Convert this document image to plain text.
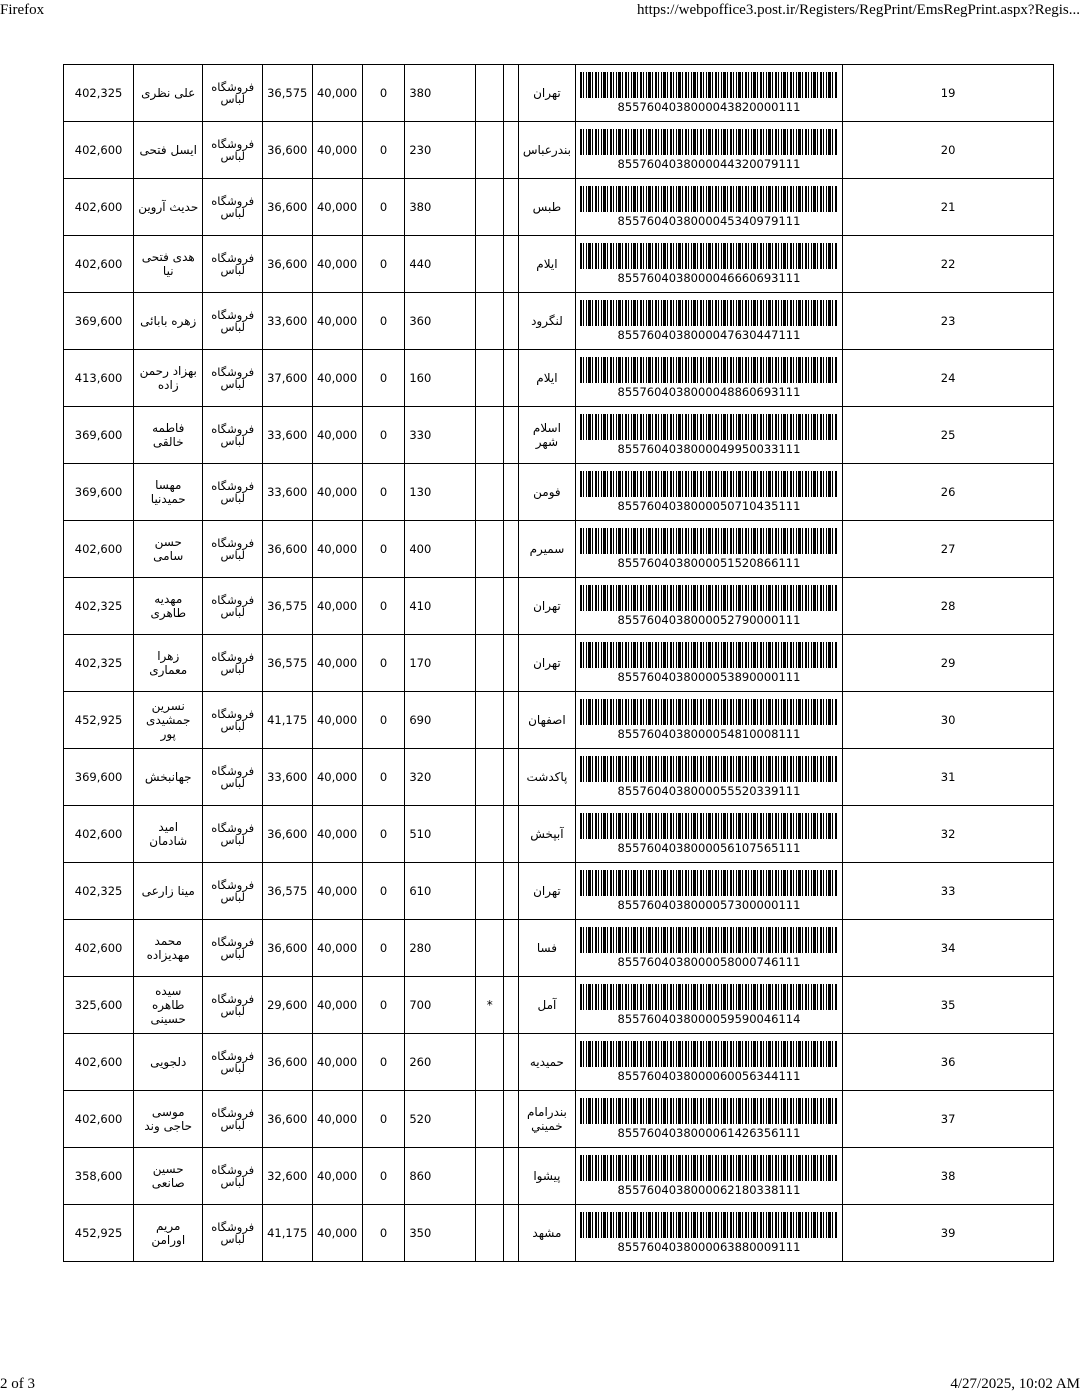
Firefox	https://webpoffice3.post.ir/Registers/RegPrint/EmsRegPrint.aspx?Regis...
402,325	علی نظری	فروشگاه لباس	36,575	40,000	0	380			تهران	8557604038000043820000111	19
402,600	ایسل فتحی	فروشگاه لباس	36,600	40,000	0	230			بندرعباس	8557604038000044320079111	20
402,600	حدیث آروین	فروشگاه لباس	36,600	40,000	0	380			طبس	8557604038000045340979111	21
402,600	هدی فتحی نیا	فروشگاه لباس	36,600	40,000	0	440			ایلام	8557604038000046660693111	22
369,600	زهره بابائی	فروشگاه لباس	33,600	40,000	0	360			لنگرود	8557604038000047630447111	23
413,600	بهزاد رحمن زاده	فروشگاه لباس	37,600	40,000	0	160			ایلام	8557604038000048860693111	24
369,600	فاطمه خالقی	فروشگاه لباس	33,600	40,000	0	330			اسلام شهر	8557604038000049950033111	25
369,600	مهسا حمیدنیا	فروشگاه لباس	33,600	40,000	0	130			فومن	8557604038000050710435111	26
402,600	حسن سامی	فروشگاه لباس	36,600	40,000	0	400			سمیرم	8557604038000051520866111	27
402,325	مهدیه طاهری	فروشگاه لباس	36,575	40,000	0	410			تهران	8557604038000052790000111	28
402,325	زهرا معماری	فروشگاه لباس	36,575	40,000	0	170			تهران	8557604038000053890000111	29
452,925	نسرین جمشیدی پور	فروشگاه لباس	41,175	40,000	0	690			اصفهان	8557604038000054810008111	30
369,600	جهانبخش	فروشگاه لباس	33,600	40,000	0	320			پاکدشت	8557604038000055520339111	31
402,600	امید شادمان	فروشگاه لباس	36,600	40,000	0	510			آبپخش	8557604038000056107565111	32
402,325	مینا زارعی	فروشگاه لباس	36,575	40,000	0	610			تهران	8557604038000057300000111	33
402,600	محمد مهدیزاده	فروشگاه لباس	36,600	40,000	0	280			فسا	8557604038000058000746111	34
325,600	سیده طاهره حسینی	فروشگاه لباس	29,600	40,000	0	700	*		آمل	8557604038000059590046114	35
402,600	دلجویی	فروشگاه لباس	36,600	40,000	0	260			حمیدیه	8557604038000060056344111	36
402,600	موسی حاجی وند	فروشگاه لباس	36,600	40,000	0	520			بندرامام خميني	8557604038000061426356111	37
358,600	حسین صانعی	فروشگاه لباس	32,600	40,000	0	860			پیشوا	8557604038000062180338111	38
452,925	مریم اورامن	فروشگاه لباس	41,175	40,000	0	350			مشهد	8557604038000063880009111	39
2 of 3	4/27/2025, 10:02 AM
